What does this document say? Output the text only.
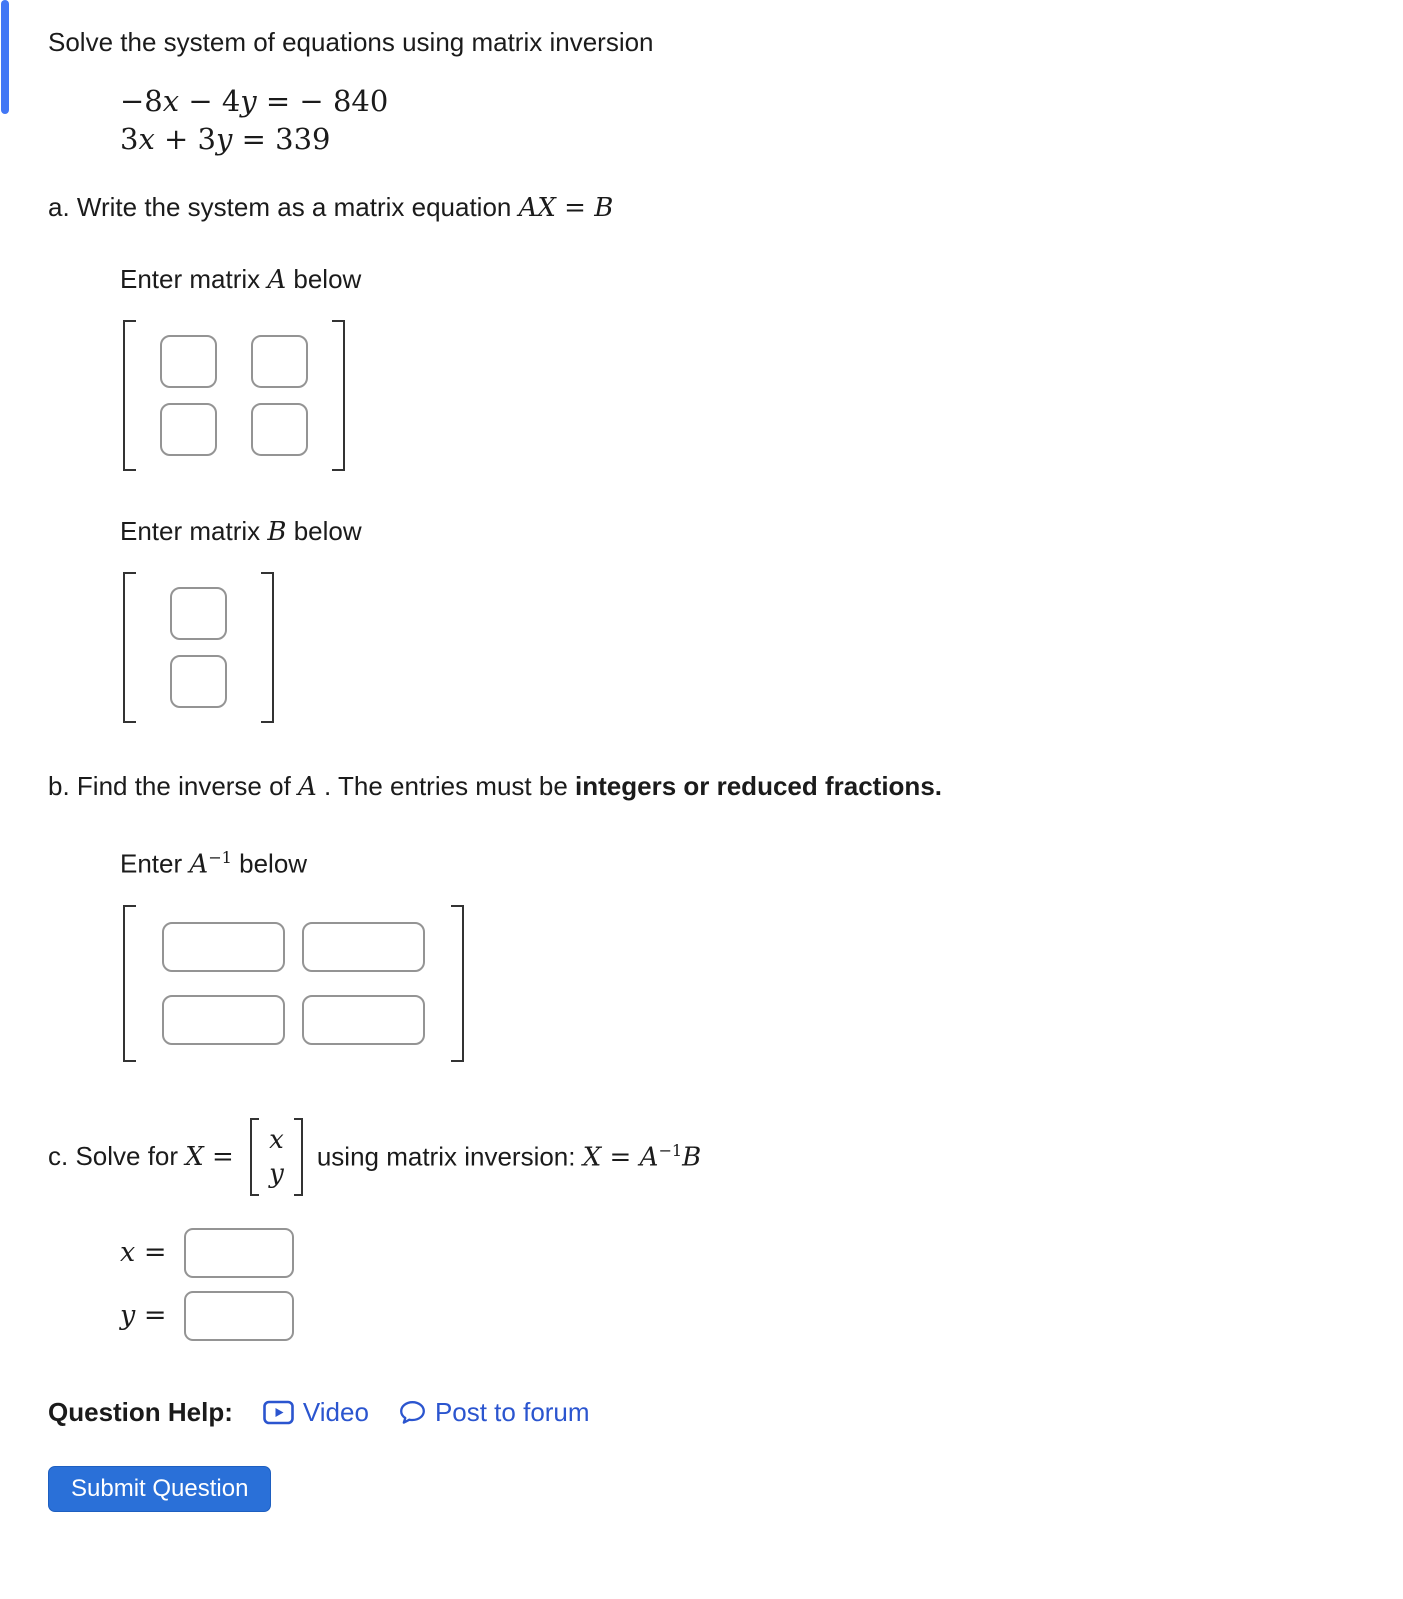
Solve the system of equations using matrix inversion
−8x − 4y = − 840
3x + 3y = 339
a. Write the system as a matrix equation AX = B
Enter matrix A below
Enter matrix B below
b. Find the inverse of A . The entries must be integers or reduced fractions.
Enter $A^{-1}$ below
c. Solve for X =
x
y
using matrix inversion: $X = A^{-1}B$
x =
y =
Question Help:	Video	Post to forum
Submit Question
